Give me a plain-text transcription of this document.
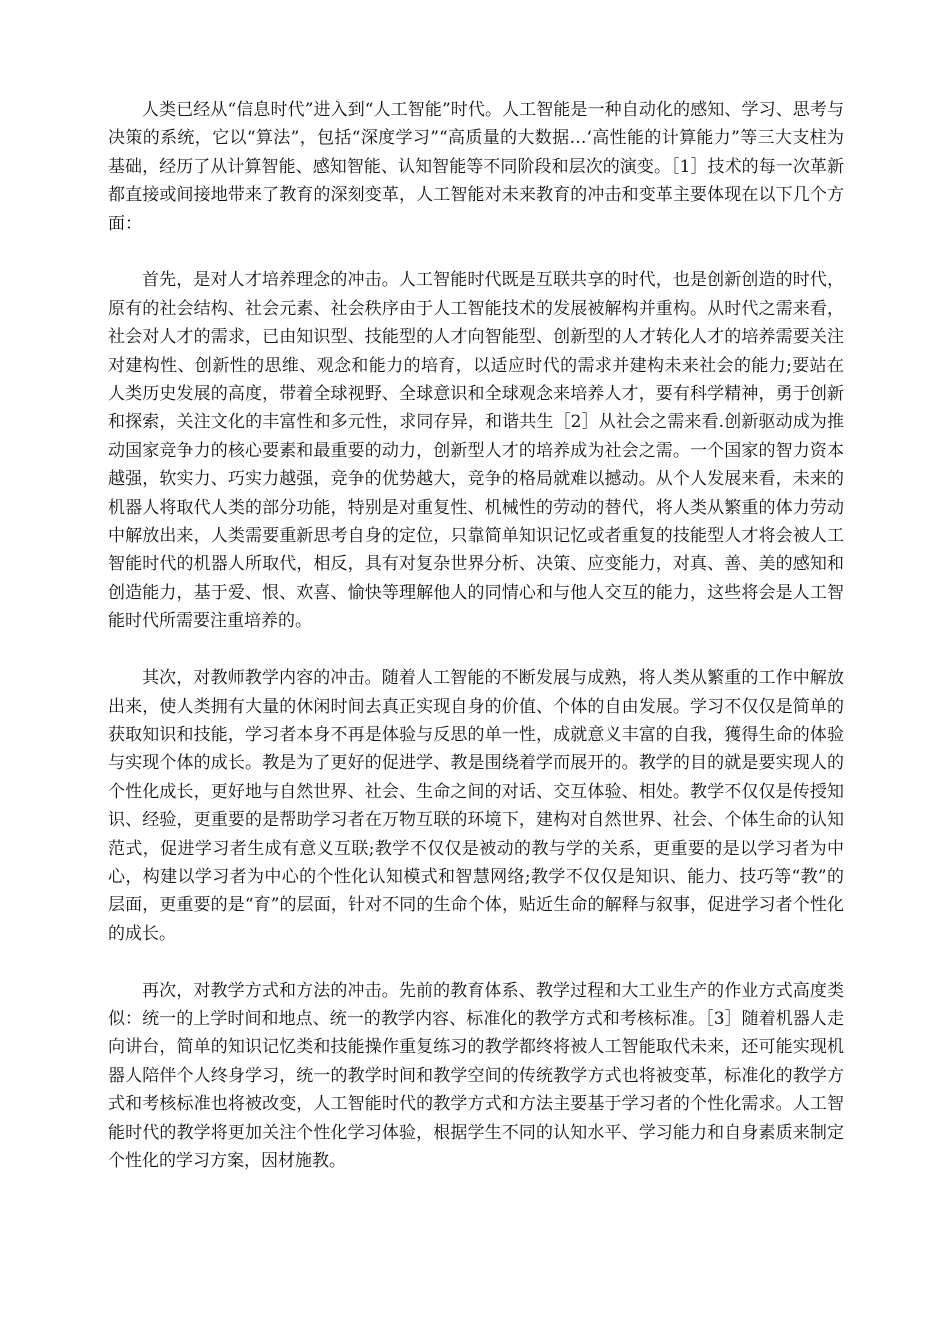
人类已经从“信息时代”进入到“人工智能”时代。人工智能是一种自动化的感知、学习、思考与决策的系统，它以“算法”，包括“深度学习”“高质量的大数据…‘高性能的计算能力”等三大支柱为基础，经历了从计算智能、感知智能、认知智能等不同阶段和层次的演变。［1］技术的每一次革新都直接或间接地带来了教育的深刻变革，人工智能对未来教育的冲击和变革主要体现在以下几个方面：

首先，是对人才培养理念的冲击。人工智能时代既是互联共享的时代，也是创新创造的时代，原有的社会结构、社会元素、社会秩序由于人工智能技术的发展被解构并重构。从时代之需来看，社会对人才的需求，已由知识型、技能型的人才向智能型、创新型的人才转化人才的培养需要关注对建构性、创新性的思维、观念和能力的培育，以适应时代的需求并建构未来社会的能力;要站在人类历史发展的高度，带着全球视野、全球意识和全球观念来培养人才，要有科学精神，勇于创新和探索，关注文化的丰富性和多元性，求同存异，和谐共生［2］从社会之需来看.创新驱动成为推动国家竞争力的核心要素和最重要的动力，创新型人才的培养成为社会之需。一个国家的智力资本越强，软实力、巧实力越强，竞争的优势越大，竞争的格局就难以撼动。从个人发展来看，未来的机器人将取代人类的部分功能，特别是对重复性、机械性的劳动的替代，将人类从繁重的体力劳动中解放出来，人类需要重新思考自身的定位，只靠简单知识记忆或者重复的技能型人才将会被人工智能时代的机器人所取代，相反，具有对复杂世界分析、决策、应变能力，对真、善、美的感知和创造能力，基于爱、恨、欢喜、愉快等理解他人的同情心和与他人交互的能力，这些将会是人工智能时代所需要注重培养的。

其次，对教师教学内容的冲击。随着人工智能的不断发展与成熟，将人类从繁重的工作中解放出来，使人类拥有大量的休闲时间去真正实现自身的价值、个体的自由发展。学习不仅仅是简单的获取知识和技能，学习者本身不再是体验与反思的单一性，成就意义丰富的自我，獲得生命的体验与实现个体的成长。教是为了更好的促进学、教是围绕着学而展开的。教学的目的就是要实现人的个性化成长，更好地与自然世界、社会、生命之间的对话、交互体验、相处。教学不仅仅是传授知识、经验，更重要的是帮助学习者在万物互联的环境下，建构对自然世界、社会、个体生命的认知范式，促进学习者生成有意义互联;教学不仅仅是被动的教与学的关系，更重要的是以学习者为中心，构建以学习者为中心的个性化认知模式和智慧网络;教学不仅仅是知识、能力、技巧等“教”的层面，更重要的是“育”的层面，针对不同的生命个体，贴近生命的解释与叙事，促进学习者个性化的成长。

再次，对教学方式和方法的冲击。先前的教育体系、教学过程和大工业生产的作业方式高度类似：统一的上学时间和地点、统一的教学内容、标准化的教学方式和考核标准。［3］随着机器人走向讲台，简单的知识记忆类和技能操作重复练习的教学都终将被人工智能取代未来，还可能实现机器人陪伴个人终身学习，统一的教学时间和教学空间的传统教学方式也将被变革，标准化的教学方式和考核标准也将被改变，人工智能时代的教学方式和方法主要基于学习者的个性化需求。人工智能时代的教学将更加关注个性化学习体验，根据学生不同的认知水平、学习能力和自身素质来制定个性化的学习方案，因材施教。
